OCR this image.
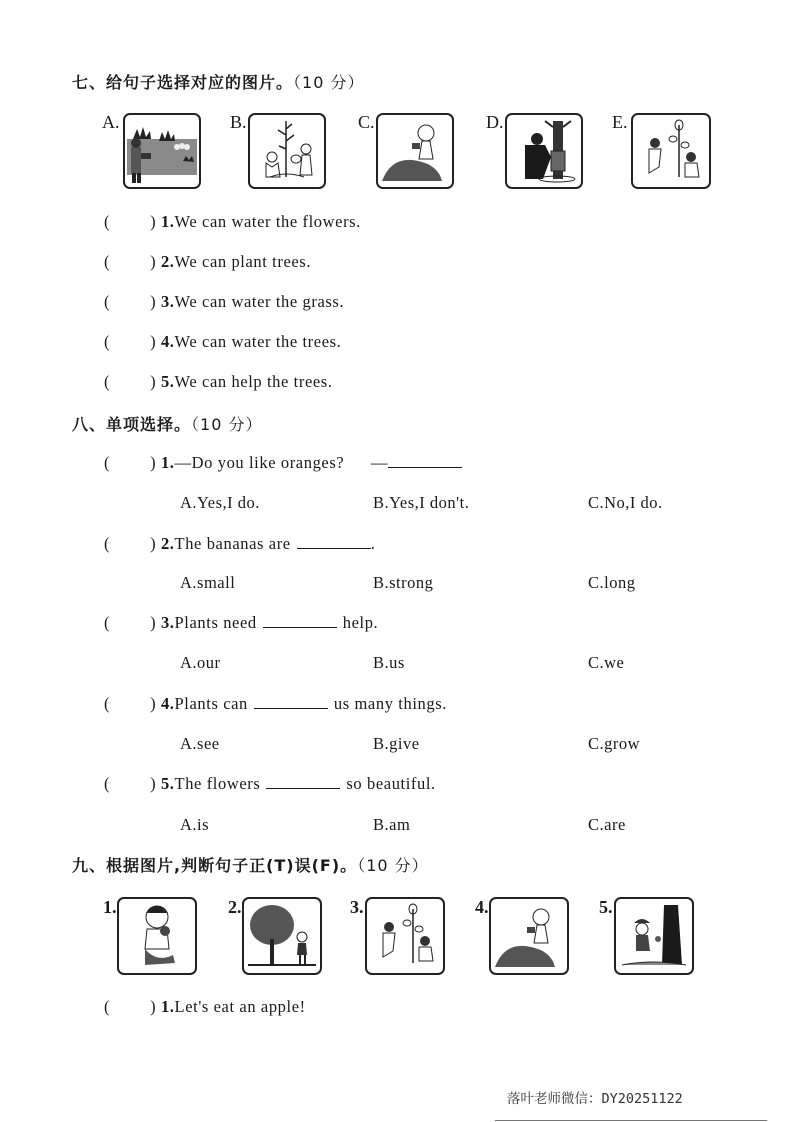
七、给句子选择对应的图片。（10 分）
A.	B.	C.	D.	E.
( ) 1.We can water the flowers.
( ) 2.We can plant trees.
( ) 3.We can water the grass.
( ) 4.We can water the trees.
( ) 5.We can help the trees.
八、单项选择。（10 分）
( ) 1.—Do you like oranges? —
A.Yes,I do.	B.Yes,I don't.	C.No,I do.
( ) 2.The bananas are	.
A.small	B.strong	C.long
( ) 3.Plants need	help.
A.our	B.us	C.we
( ) 4.Plants can	us many things.
A.see	B.give	C.grow
( ) 5.The flowers	so beautiful.
A.is	B.am	C.are
九、根据图片,判断句子正(T)误(F)。（10 分）
1.	2.	3.	4.	5.
( ) 1.Let's eat an apple!
落叶老师微信：DY20251122
